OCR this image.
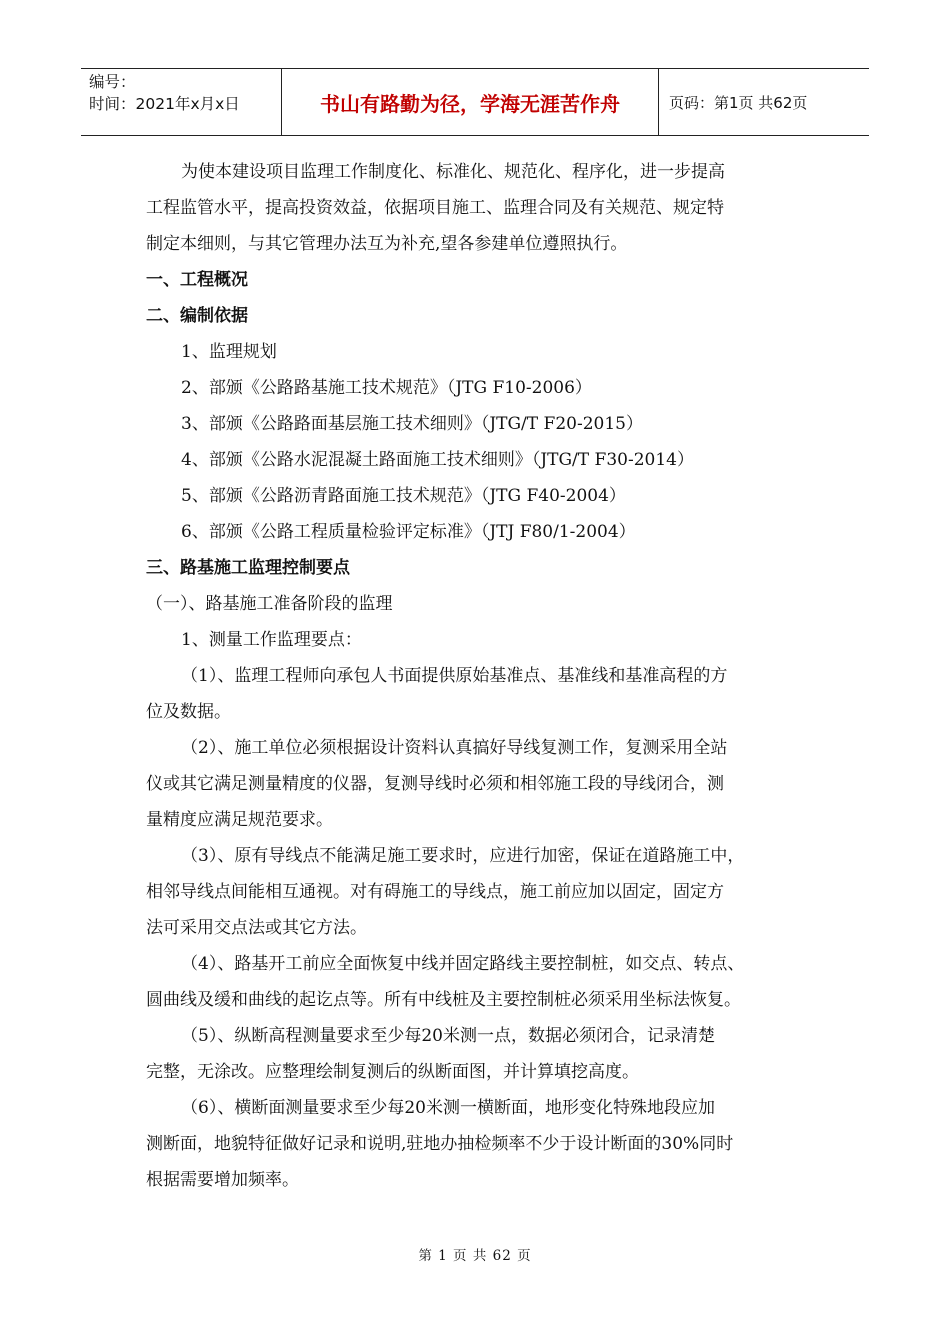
编号：
时间：2021年x月x日	书山有路勤为径，学海无涯苦作舟	页码：第1页 共62页

为使本建设项目监理工作制度化、标准化、规范化、程序化，进一步提高

工程监管水平，提高投资效益，依据项目施工、监理合同及有关规范、规定特

制定本细则，与其它管理办法互为补充,望各参建单位遵照执行。

一、工程概况

二、编制依据

1、监理规划

2、部颁《公路路基施工技术规范》（JTG F10-2006）

3、部颁《公路路面基层施工技术细则》（JTG/T F20-2015）

4、部颁《公路水泥混凝土路面施工技术细则》（JTG/T F30-2014）

5、部颁《公路沥青路面施工技术规范》（JTG F40-2004）

6、部颁《公路工程质量检验评定标准》（JTJ F80/1-2004）

三、路基施工监理控制要点

（一）、路基施工准备阶段的监理

1、测量工作监理要点：

（1）、监理工程师向承包人书面提供原始基准点、基准线和基准高程的方

位及数据。

（2）、施工单位必须根据设计资料认真搞好导线复测工作，复测采用全站

仪或其它满足测量精度的仪器，复测导线时必须和相邻施工段的导线闭合，测

量精度应满足规范要求。

（3）、原有导线点不能满足施工要求时，应进行加密，保证在道路施工中，

相邻导线点间能相互通视。对有碍施工的导线点，施工前应加以固定，固定方

法可采用交点法或其它方法。

（4）、路基开工前应全面恢复中线并固定路线主要控制桩，如交点、转点、

圆曲线及缓和曲线的起讫点等。所有中线桩及主要控制桩必须采用坐标法恢复。

（5）、纵断高程测量要求至少每20米测一点，数据必须闭合，记录清楚

完整，无涂改。应整理绘制复测后的纵断面图，并计算填挖高度。

（6）、横断面测量要求至少每20米测一横断面，地形变化特殊地段应加

测断面，地貌特征做好记录和说明,驻地办抽检频率不少于设计断面的30%同时

根据需要增加频率。

第 1 页 共 62 页
